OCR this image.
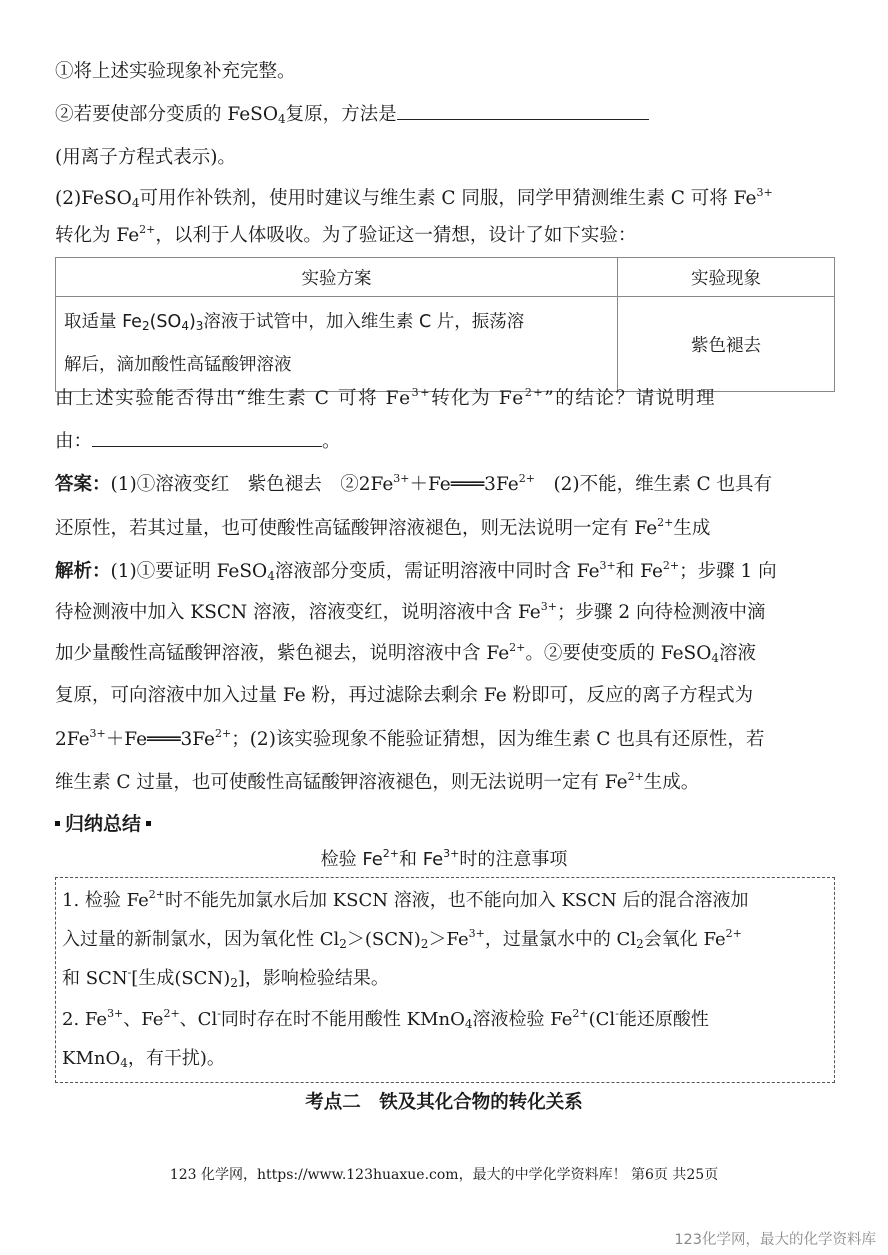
①将上述实验现象补充完整。
②若要使部分变质的 FeSO$_4$复原，方法是
(用离子方程式表示)。
(2)FeSO$_4$可用作补铁剂，使用时建议与维生素 C 同服，同学甲猜测维生素 C 可将 $Fe^{3+}$
转化为 $Fe^{2+}$，以利于人体吸收。为了验证这一猜想，设计了如下实验：
实验方案	实验现象
取适量 $Fe_2(SO_4)_3$溶液于试管中，加入维生素 C 片，振荡溶
解后，滴加酸性高锰酸钾溶液	紫色褪去
由上述实验能否得出“维生素 C 可将 $Fe^{3+}$转化为 $Fe^{2+}$”的结论？请说明理
由：	。
答案：(1)①溶液变红　紫色褪去　$②2Fe^{3+}+Fe═══3Fe^{2+}$　(2)不能，维生素 C 也具有
还原性，若其过量，也可使酸性高锰酸钾溶液褪色，则无法说明一定有 $Fe^{2+}$生成
解析：(1)①要证明 FeSO$_4$溶液部分变质，需证明溶液中同时含 $Fe^{3+}$和 $Fe^{2+}$；步骤 1 向
待检测液中加入 KSCN 溶液，溶液变红，说明溶液中含 $Fe^{3+}$；步骤 2 向待检测液中滴
加少量酸性高锰酸钾溶液，紫色褪去，说明溶液中含 $Fe^{2+}$。②要使变质的 FeSO$_4$溶液
复原，可向溶液中加入过量 Fe 粉，再过滤除去剩余 Fe 粉即可，反应的离子方程式为
$2Fe^{3+}+Fe═══3Fe^{2+}$；(2)该实验现象不能验证猜想，因为维生素 C 也具有还原性，若
维生素 C 过量，也可使酸性高锰酸钾溶液褪色，则无法说明一定有 $Fe^{2+}$生成。
归纳总结
检验 $Fe^{2+}$和 $Fe^{3+}$时的注意事项
1. 检验 $Fe^{2+}$时不能先加氯水后加 KSCN 溶液，也不能向加入 KSCN 后的混合溶液加
入过量的新制氯水，因为氧化性 $Cl_2>(SCN)_2>Fe^{3+}$，过量氯水中的 $Cl_2$会氧化 $Fe^{2+}$
和 SCN-[生成$(SCN)_2$]，影响检验结果。
2. $Fe^{3+}$、$Fe^{2+}$、Cl-同时存在时不能用酸性 KMnO$_4$溶液检验 $Fe^{2+}(Cl^-$能还原酸性
KMnO$_4$，有干扰)。
考点二　铁及其化合物的转化关系
123 化学网，https://www.123huaxue.com，最大的中学化学资料库！ 第6页 共25页
123化学网，最大的化学资料库
